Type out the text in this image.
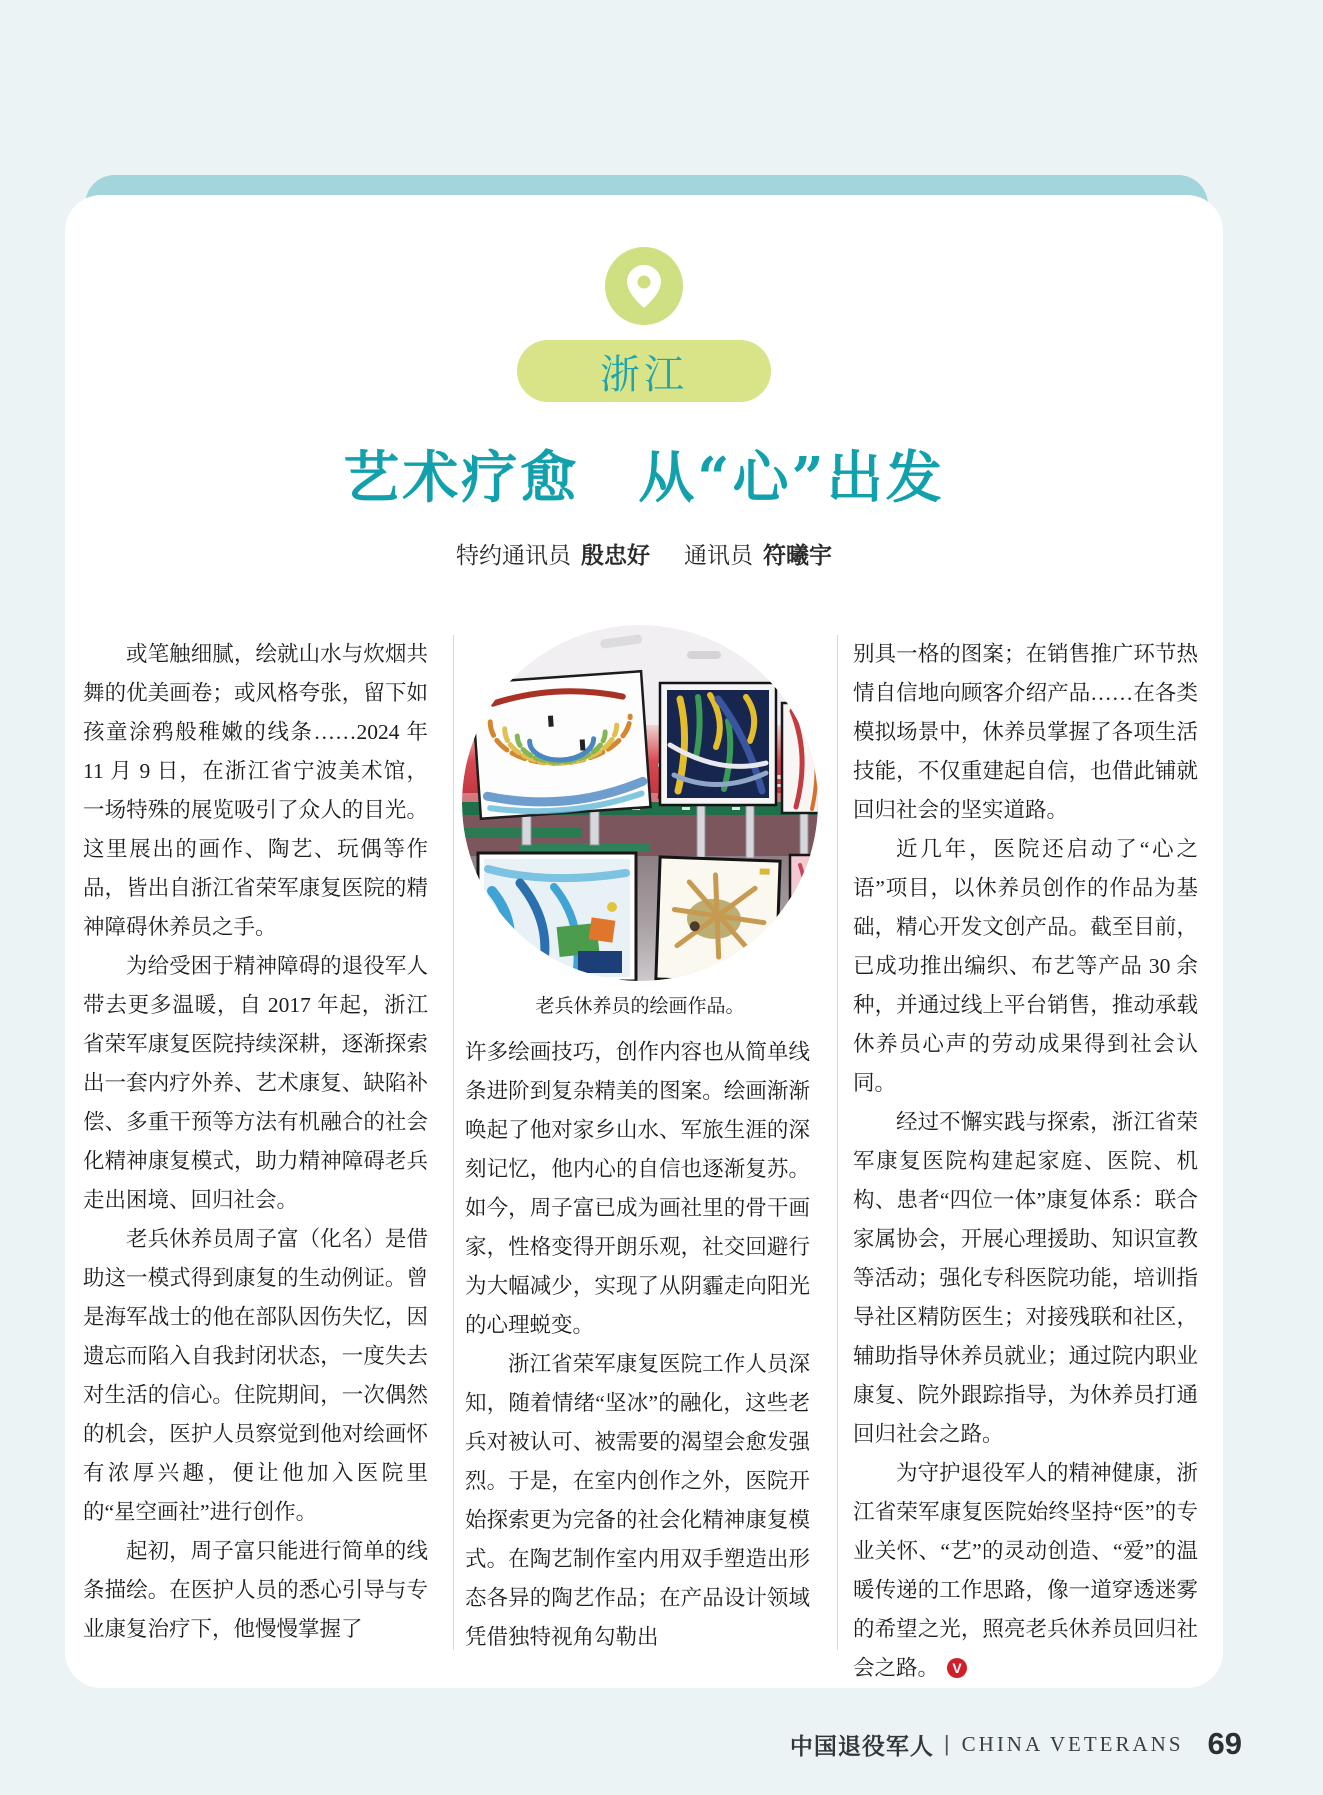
浙江
艺术疗愈　从“心”出发
特约通讯员 殷忠好 通讯员 符曦宇

或笔触细腻，绘就山水与炊烟共舞的优美画卷；或风格夸张，留下如孩童涂鸦般稚嫩的线条……2024 年 11 月 9 日，在浙江省宁波美术馆，一场特殊的展览吸引了众人的目光。这里展出的画作、陶艺、玩偶等作品，皆出自浙江省荣军康复医院的精神障碍休养员之手。

为给受困于精神障碍的退役军人带去更多温暖，自 2017 年起，浙江省荣军康复医院持续深耕，逐渐探索出一套内疗外养、艺术康复、缺陷补偿、多重干预等方法有机融合的社会化精神康复模式，助力精神障碍老兵走出困境、回归社会。

老兵休养员周子富（化名）是借助这一模式得到康复的生动例证。曾是海军战士的他在部队因伤失忆，因遗忘而陷入自我封闭状态，一度失去对生活的信心。住院期间，一次偶然的机会，医护人员察觉到他对绘画怀有浓厚兴趣，便让他加入医院里的“星空画社”进行创作。

起初，周子富只能进行简单的线条描绘。在医护人员的悉心引导与专业康复治疗下，他慢慢掌握了

老兵休养员的绘画作品。

许多绘画技巧，创作内容也从简单线条进阶到复杂精美的图案。绘画渐渐唤起了他对家乡山水、军旅生涯的深刻记忆，他内心的自信也逐渐复苏。如今，周子富已成为画社里的骨干画家，性格变得开朗乐观，社交回避行为大幅减少，实现了从阴霾走向阳光的心理蜕变。

浙江省荣军康复医院工作人员深知，随着情绪“坚冰”的融化，这些老兵对被认可、被需要的渴望会愈发强烈。于是，在室内创作之外，医院开始探索更为完备的社会化精神康复模式。在陶艺制作室内用双手塑造出形态各异的陶艺作品；在产品设计领域凭借独特视角勾勒出

别具一格的图案；在销售推广环节热情自信地向顾客介绍产品……在各类模拟场景中，休养员掌握了各项生活技能，不仅重建起自信，也借此铺就回归社会的坚实道路。

近几年，医院还启动了“心之语”项目，以休养员创作的作品为基础，精心开发文创产品。截至目前，已成功推出编织、布艺等产品 30 余种，并通过线上平台销售，推动承载休养员心声的劳动成果得到社会认同。

经过不懈实践与探索，浙江省荣军康复医院构建起家庭、医院、机构、患者“四位一体”康复体系：联合家属协会，开展心理援助、知识宣教等活动；强化专科医院功能，培训指导社区精防医生；对接残联和社区，辅助指导休养员就业；通过院内职业康复、院外跟踪指导，为休养员打通回归社会之路。

为守护退役军人的精神健康，浙江省荣军康复医院始终坚持“医”的专业关怀、“艺”的灵动创造、“爱”的温暖传递的工作思路，像一道穿透迷雾的希望之光，照亮老兵休养员回归社会之路。 V

中国退役军人 | CHINA VETERANS 69
